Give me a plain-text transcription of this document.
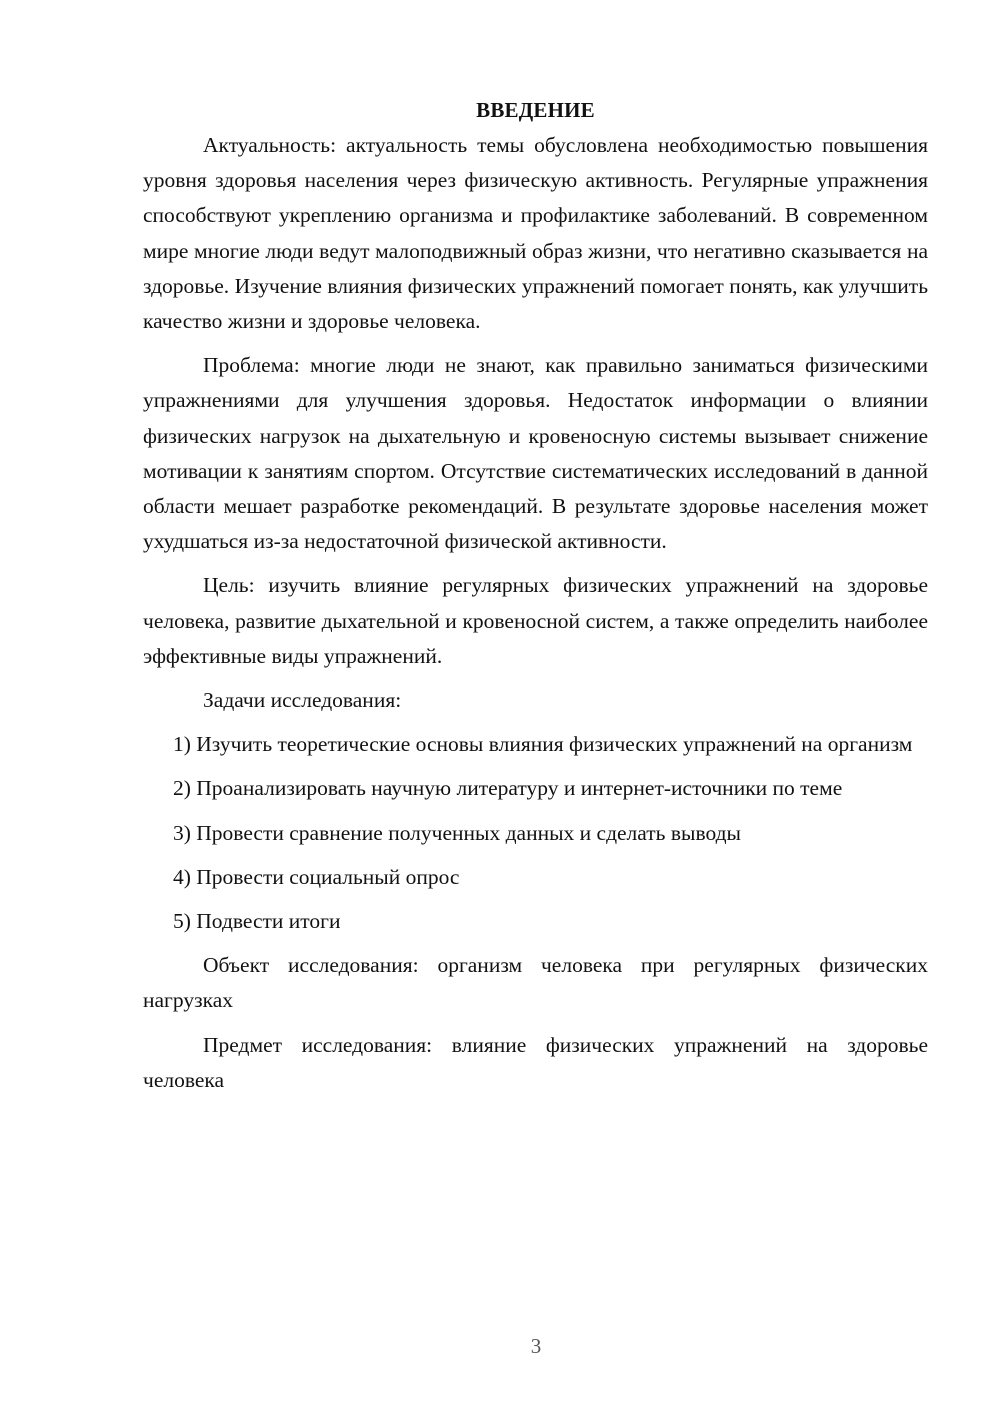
ВВЕДЕНИЕ

Актуальность: актуальность темы обусловлена необходимостью повышения уровня здоровья населения через физическую активность. Регулярные упражнения способствуют укреплению организма и профилактике заболеваний. В современном мире многие люди ведут малоподвижный образ жизни, что негативно сказывается на здоровье. Изучение влияния физических упражнений помогает понять, как улучшить качество жизни и здоровье человека.

Проблема: многие люди не знают, как правильно заниматься физическими упражнениями для улучшения здоровья. Недостаток информации о влиянии физических нагрузок на дыхательную и кровеносную системы вызывает снижение мотивации к занятиям спортом. Отсутствие систематических исследований в данной области мешает разработке рекомендаций. В результате здоровье населения может ухудшаться из-за недостаточной физической активности.

Цель: изучить влияние регулярных физических упражнений на здоровье человека, развитие дыхательной и кровеносной систем, а также определить наиболее эффективные виды упражнений.

Задачи исследования:

1) Изучить теоретические основы влияния физических упражнений на организм

2) Проанализировать научную литературу и интернет-источники по теме

3) Провести сравнение полученных данных и сделать выводы

4) Провести социальный опрос

5) Подвести итоги

Объект исследования: организм человека при регулярных физических нагрузках

Предмет исследования: влияние физических упражнений на здоровье человека

3
